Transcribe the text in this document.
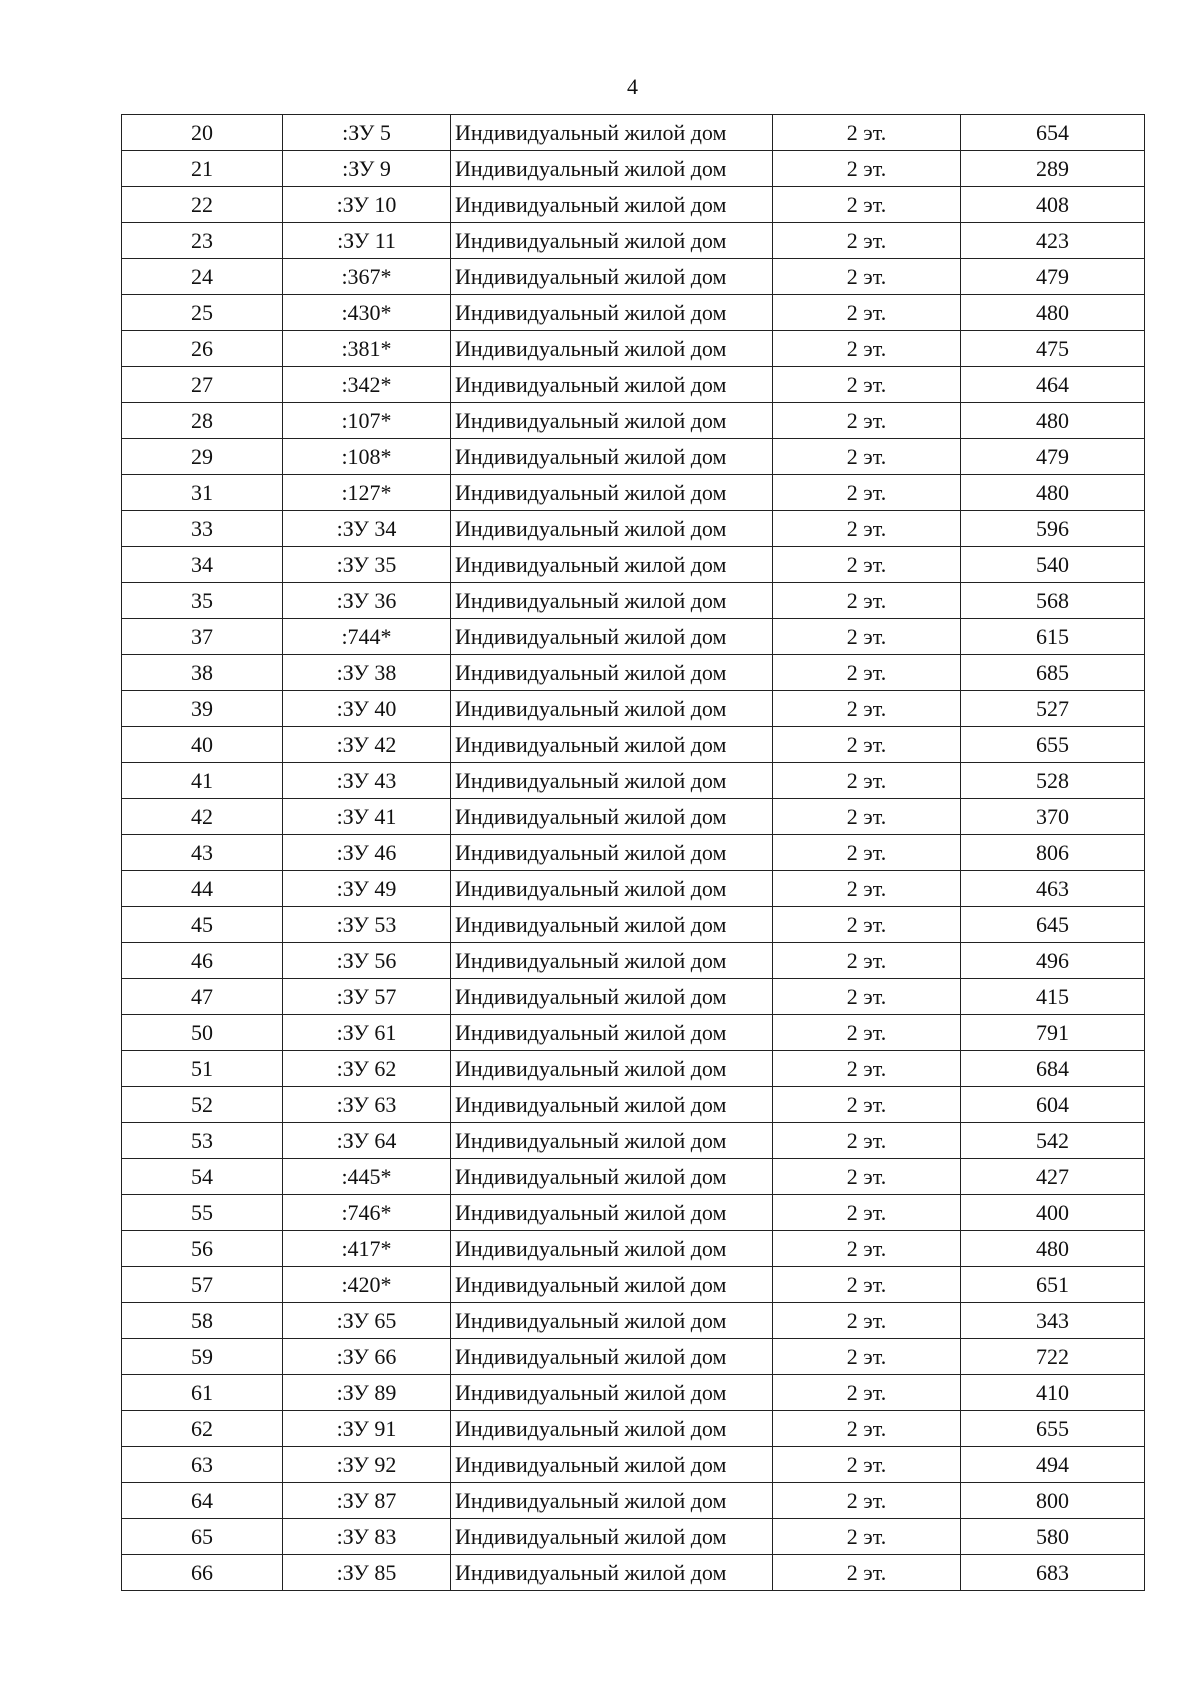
4
20	:ЗУ 5	Индивидуальный жилой дом	2 эт.	654
21	:ЗУ 9	Индивидуальный жилой дом	2 эт.	289
22	:ЗУ 10	Индивидуальный жилой дом	2 эт.	408
23	:ЗУ 11	Индивидуальный жилой дом	2 эт.	423
24	:367*	Индивидуальный жилой дом	2 эт.	479
25	:430*	Индивидуальный жилой дом	2 эт.	480
26	:381*	Индивидуальный жилой дом	2 эт.	475
27	:342*	Индивидуальный жилой дом	2 эт.	464
28	:107*	Индивидуальный жилой дом	2 эт.	480
29	:108*	Индивидуальный жилой дом	2 эт.	479
31	:127*	Индивидуальный жилой дом	2 эт.	480
33	:ЗУ 34	Индивидуальный жилой дом	2 эт.	596
34	:ЗУ 35	Индивидуальный жилой дом	2 эт.	540
35	:ЗУ 36	Индивидуальный жилой дом	2 эт.	568
37	:744*	Индивидуальный жилой дом	2 эт.	615
38	:ЗУ 38	Индивидуальный жилой дом	2 эт.	685
39	:ЗУ 40	Индивидуальный жилой дом	2 эт.	527
40	:ЗУ 42	Индивидуальный жилой дом	2 эт.	655
41	:ЗУ 43	Индивидуальный жилой дом	2 эт.	528
42	:ЗУ 41	Индивидуальный жилой дом	2 эт.	370
43	:ЗУ 46	Индивидуальный жилой дом	2 эт.	806
44	:ЗУ 49	Индивидуальный жилой дом	2 эт.	463
45	:ЗУ 53	Индивидуальный жилой дом	2 эт.	645
46	:ЗУ 56	Индивидуальный жилой дом	2 эт.	496
47	:ЗУ 57	Индивидуальный жилой дом	2 эт.	415
50	:ЗУ 61	Индивидуальный жилой дом	2 эт.	791
51	:ЗУ 62	Индивидуальный жилой дом	2 эт.	684
52	:ЗУ 63	Индивидуальный жилой дом	2 эт.	604
53	:ЗУ 64	Индивидуальный жилой дом	2 эт.	542
54	:445*	Индивидуальный жилой дом	2 эт.	427
55	:746*	Индивидуальный жилой дом	2 эт.	400
56	:417*	Индивидуальный жилой дом	2 эт.	480
57	:420*	Индивидуальный жилой дом	2 эт.	651
58	:ЗУ 65	Индивидуальный жилой дом	2 эт.	343
59	:ЗУ 66	Индивидуальный жилой дом	2 эт.	722
61	:ЗУ 89	Индивидуальный жилой дом	2 эт.	410
62	:ЗУ 91	Индивидуальный жилой дом	2 эт.	655
63	:ЗУ 92	Индивидуальный жилой дом	2 эт.	494
64	:ЗУ 87	Индивидуальный жилой дом	2 эт.	800
65	:ЗУ 83	Индивидуальный жилой дом	2 эт.	580
66	:ЗУ 85	Индивидуальный жилой дом	2 эт.	683
